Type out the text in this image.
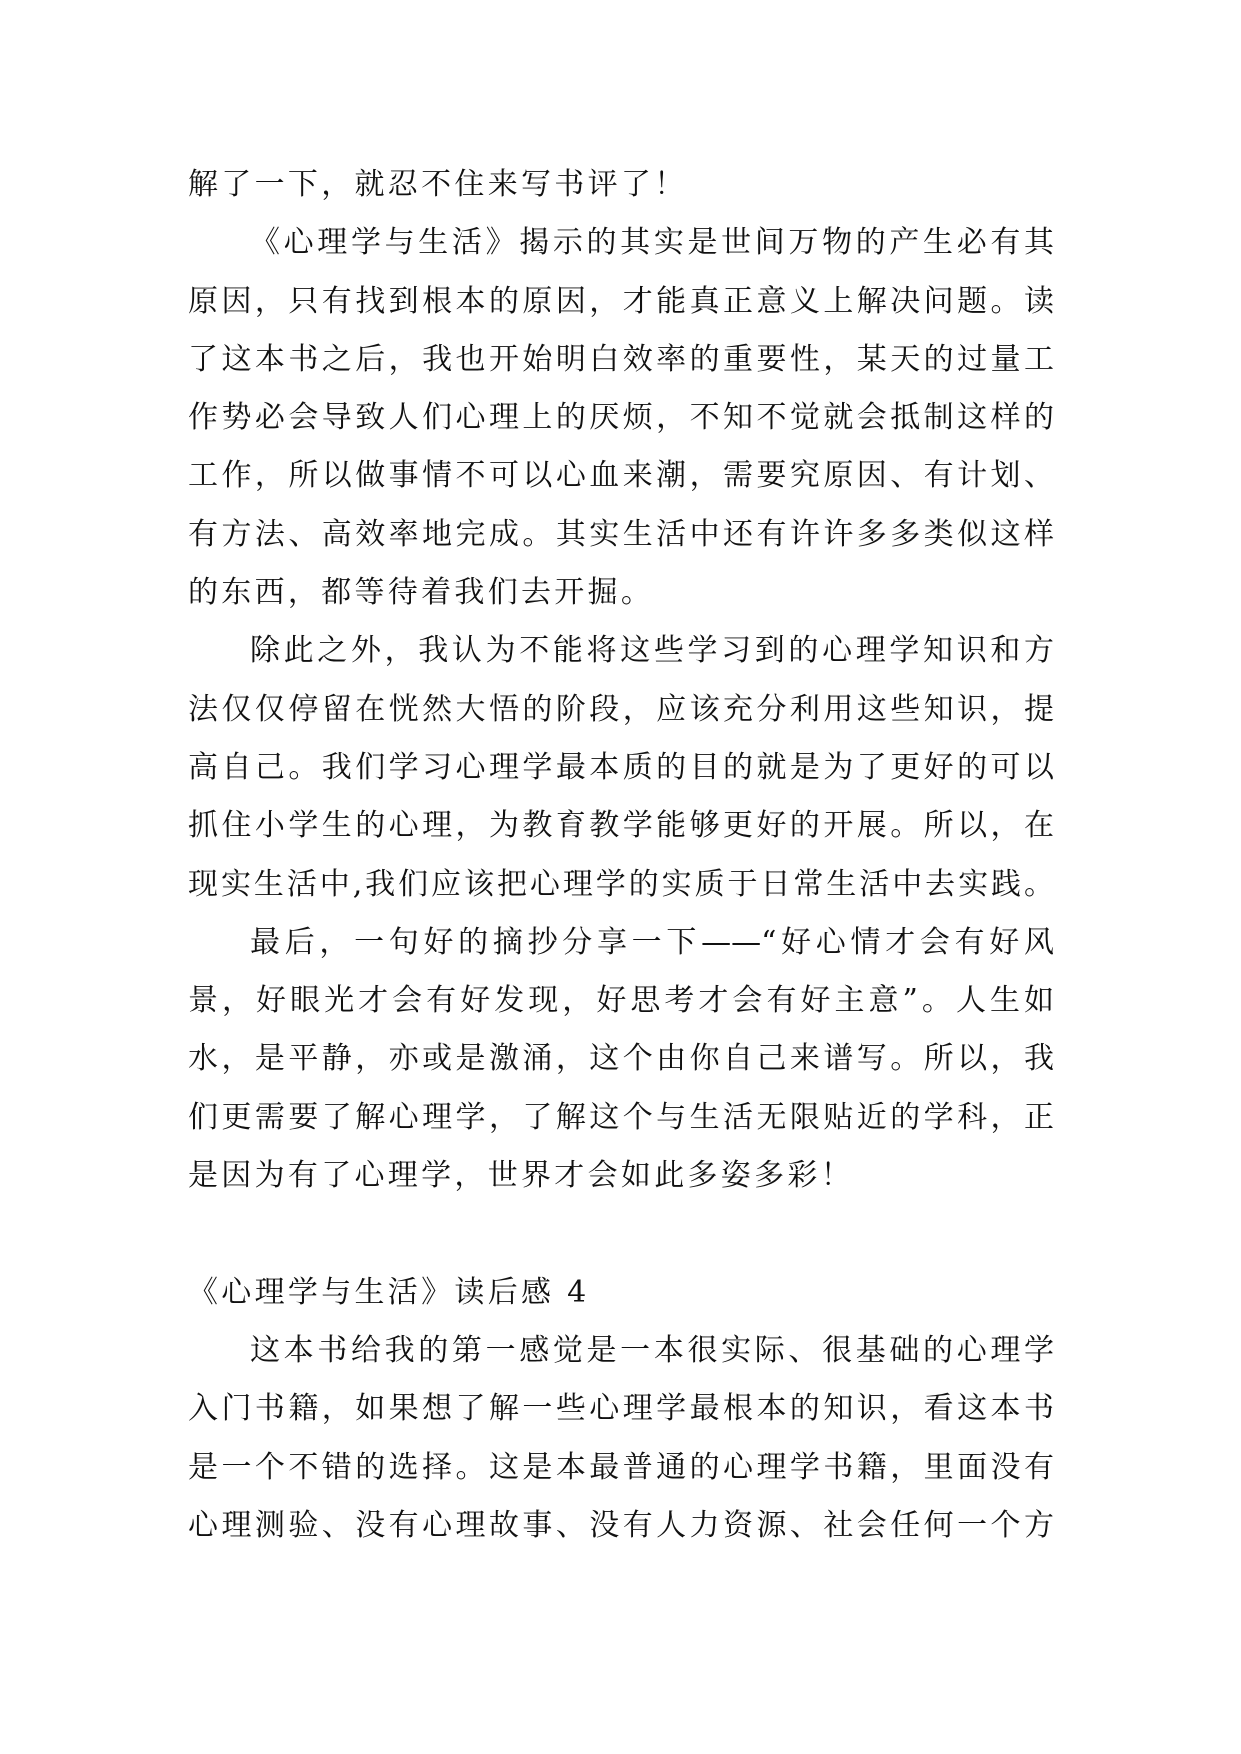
解了一下，就忍不住来写书评了！
《心理学与生活》揭示的其实是世间万物的产生必有其
原因，只有找到根本的原因，才能真正意义上解决问题。读
了这本书之后，我也开始明白效率的重要性，某天的过量工
作势必会导致人们心理上的厌烦，不知不觉就会抵制这样的
工作，所以做事情不可以心血来潮，需要究原因、有计划、
有方法、高效率地完成。其实生活中还有许许多多类似这样
的东西，都等待着我们去开掘。
除此之外，我认为不能将这些学习到的心理学知识和方
法仅仅停留在恍然大悟的阶段，应该充分利用这些知识，提
高自己。我们学习心理学最本质的目的就是为了更好的可以
抓住小学生的心理，为教育教学能够更好的开展。所以，在
现实生活中,我们应该把心理学的实质于日常生活中去实践。
最后，一句好的摘抄分享一下——“好心情才会有好风
景，好眼光才会有好发现，好思考才会有好主意”。人生如
水，是平静，亦或是激涌，这个由你自己来谱写。所以，我
们更需要了解心理学，了解这个与生活无限贴近的学科，正
是因为有了心理学，世界才会如此多姿多彩！
《心理学与生活》读后感 4
这本书给我的第一感觉是一本很实际、很基础的心理学
入门书籍，如果想了解一些心理学最根本的知识，看这本书
是一个不错的选择。这是本最普通的心理学书籍，里面没有
心理测验、没有心理故事、没有人力资源、社会任何一个方
